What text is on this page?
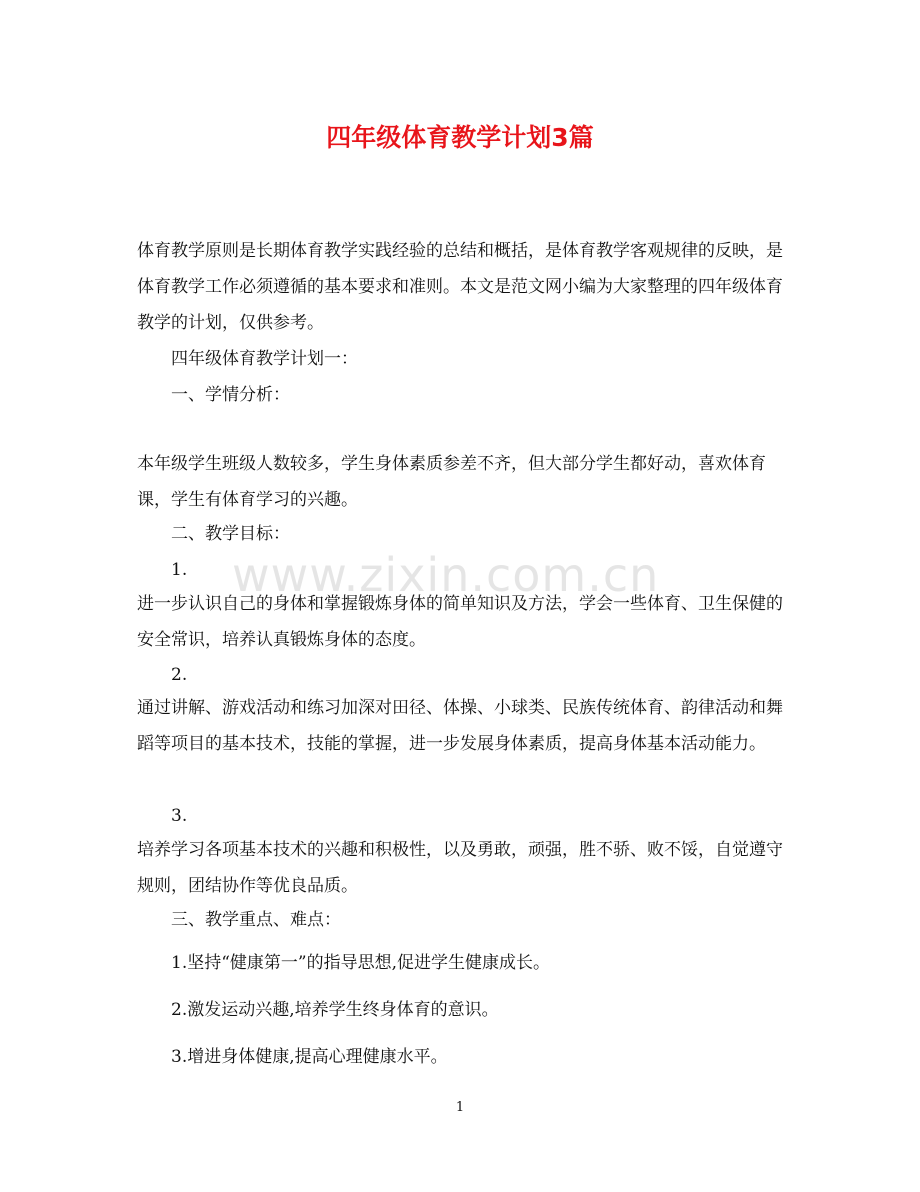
四年级体育教学计划3篇

体育教学原则是长期体育教学实践经验的总结和概括，是体育教学客观规律的反映，是体育教学工作必须遵循的基本要求和准则。本文是范文网小编为大家整理的四年级体育教学的计划，仅供参考。

四年级体育教学计划一：

一、学情分析：

本年级学生班级人数较多，学生身体素质参差不齐，但大部分学生都好动，喜欢体育课，学生有体育学习的兴趣。

二、教学目标：

1.

进一步认识自己的身体和掌握锻炼身体的简单知识及方法，学会一些体育、卫生保健的安全常识，培养认真锻炼身体的态度。

2.

通过讲解、游戏活动和练习加深对田径、体操、小球类、民族传统体育、韵律活动和舞蹈等项目的基本技术，技能的掌握，进一步发展身体素质，提高身体基本活动能力。

3.

培养学习各项基本技术的兴趣和积极性，以及勇敢，顽强，胜不骄、败不馁，自觉遵守规则，团结协作等优良品质。

三、教学重点、难点：

1.坚持“健康第一”的指导思想,促进学生健康成长。

2.激发运动兴趣,培养学生终身体育的意识。

3.增进身体健康,提高心理健康水平。

www.zixin.com.cn
1
